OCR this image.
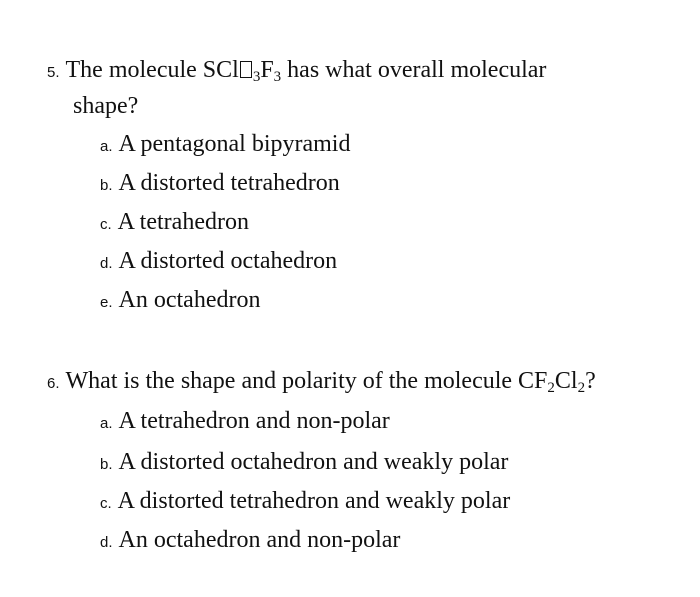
5. The molecule SCl $_3F_3$ has what overall molecular
shape?
a. A pentagonal bipyramid
b. A distorted tetrahedron
c. A tetrahedron
d. A distorted octahedron
e. An octahedron
6. What is the shape and polarity of the molecule $CF_2Cl_2$?
a. A tetrahedron and non-polar
b. A distorted octahedron and weakly polar
c. A distorted tetrahedron and weakly polar
d. An octahedron and non-polar
